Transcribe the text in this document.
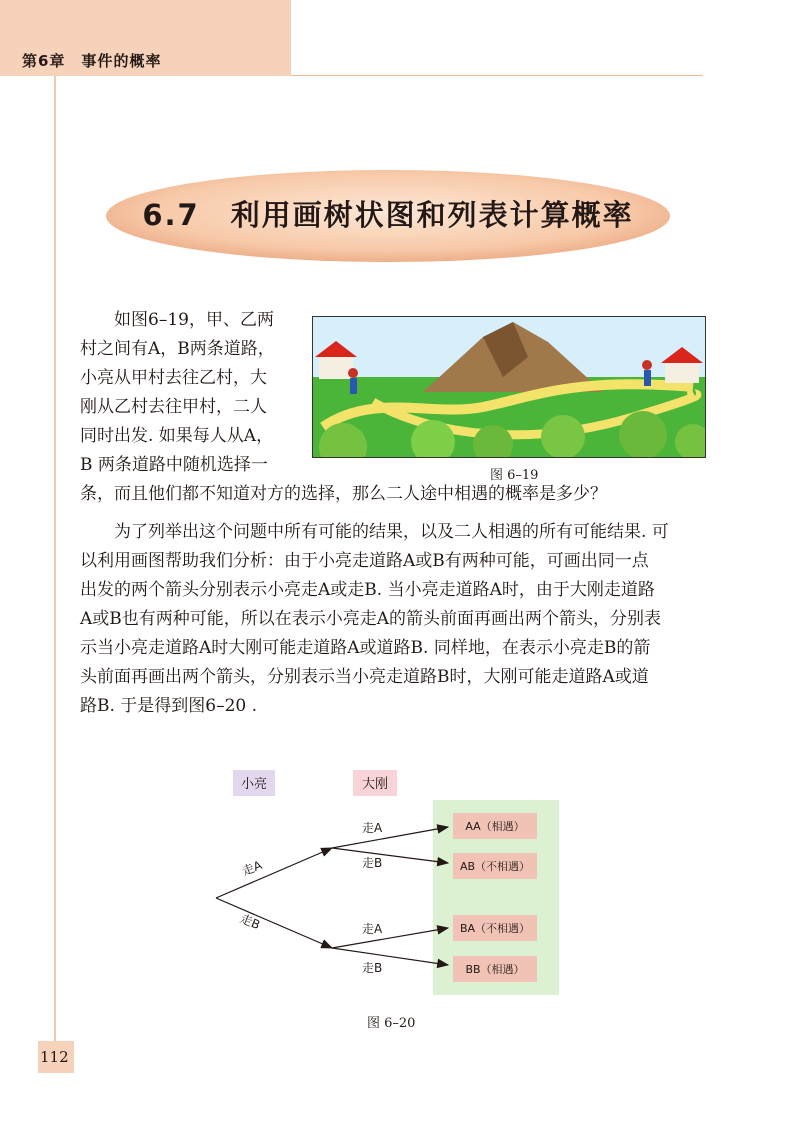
第6章　事件的概率
6.7　利用画树状图和列表计算概率
如图6–19，甲、乙两
村之间有A，B两条道路，
小亮从甲村去往乙村，大
刚从乙村去往甲村，二人
同时出发. 如果每人从A，
B 两条道路中随机选择一
条，而且他们都不知道对方的选择，那么二人途中相遇的概率是多少？
图 6–19
　　为了列举出这个问题中所有可能的结果，以及二人相遇的所有可能结果. 可
以利用画图帮助我们分析：由于小亮走道路A或B有两种可能，可画出同一点
出发的两个箭头分别表示小亮走A或走B. 当小亮走道路A时，由于大刚走道路
A或B也有两种可能，所以在表示小亮走A的箭头前面再画出两个箭头，分别表
示当小亮走道路A时大刚可能走道路A或道路B. 同样地，在表示小亮走B的箭
头前面再画出两个箭头，分别表示当小亮走道路B时，大刚可能走道路A或道
路B. 于是得到图6–20 .
小亮	大刚
走A
走B
走A
走B
走A
走B
AA（相遇）
AB（不相遇）
BA（不相遇）
BB（相遇）
图 6–20
112
